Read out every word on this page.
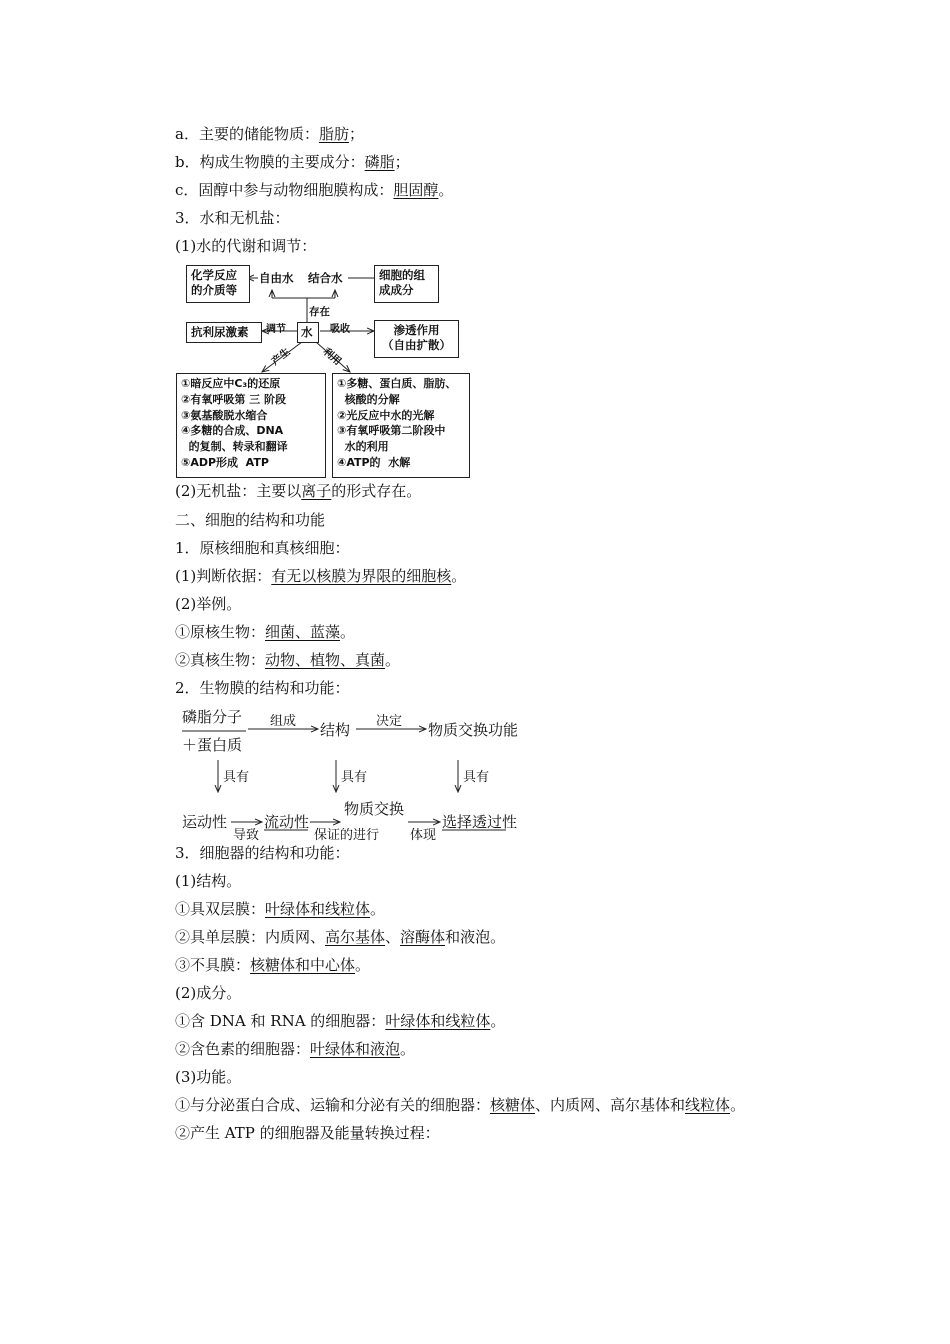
a．主要的储能物质：脂肪；
b．构成生物膜的主要成分：磷脂；
c．固醇中参与动物细胞膜构成：胆固醇。
3．水和无机盐：
(1)水的代谢和调节：
化学反应
的介质等
自由水 结合水	细胞的组
成成分
存在
抗利尿激素	调节	水	吸收	渗透作用
（自由扩散）
产生	利用
①暗反应中C₃的还原
②有氧呼吸第 三 阶段
③氨基酸脱水缩合
④多糖的合成、DNA
的复制、转录和翻译
⑤ADP形成  ATP
①多糖、蛋白质、脂肪、
核酸的分解
②光反应中水的光解
③有氧呼吸第二阶段中
水的利用
④ATP的  水解
(2)无机盐：主要以离子的形式存在。
二、细胞的结构和功能
1．原核细胞和真核细胞：
(1)判断依据：有无以核膜为界限的细胞核。
(2)举例。
①原核生物：细菌、蓝藻。
②真核生物：动物、植物、真菌。
2．生物膜的结构和功能：
磷脂分子
＋蛋白质
组成 结构 决定 物质交换功能
具有	具有	具有
运动性
导致
流动性
物质交换
保证的进行 体现
选择透过性
3．细胞器的结构和功能：
(1)结构。
①具双层膜：叶绿体和线粒体。
②具单层膜：内质网、高尔基体、溶酶体和液泡。
③不具膜：核糖体和中心体。
(2)成分。
①含 DNA 和 RNA 的细胞器：叶绿体和线粒体。
②含色素的细胞器：叶绿体和液泡。
(3)功能。
①与分泌蛋白合成、运输和分泌有关的细胞器：核糖体、内质网、高尔基体和线粒体。
②产生 ATP 的细胞器及能量转换过程：
